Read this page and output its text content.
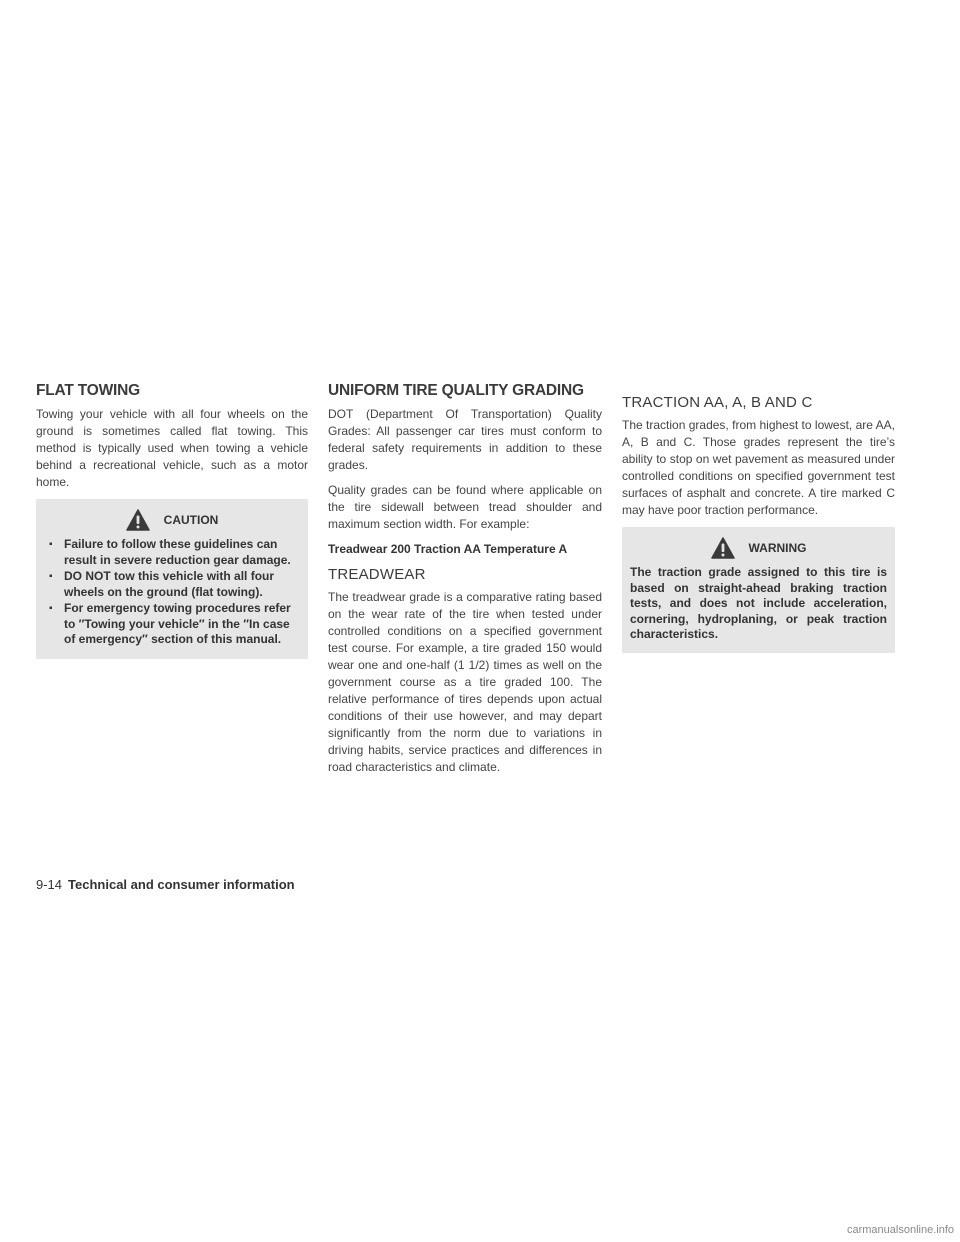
FLAT TOWING

Towing your vehicle with all four wheels on the ground is sometimes called flat towing. This method is typically used when towing a vehicle behind a recreational vehicle, such as a motor home.

CAUTION
▪ Failure to follow these guidelines can result in severe reduction gear damage.
▪ DO NOT tow this vehicle with all four wheels on the ground (flat towing).
▪ For emergency towing procedures refer to ″Towing your vehicle″ in the ″In case of emergency″ section of this manual.
UNIFORM TIRE QUALITY GRADING

DOT (Department Of Transportation) Quality Grades: All passenger car tires must conform to federal safety requirements in addition to these grades.

Quality grades can be found where applicable on the tire sidewall between tread shoulder and maximum section width. For example:

Treadwear 200 Traction AA Temperature A

TREADWEAR

The treadwear grade is a comparative rating based on the wear rate of the tire when tested under controlled conditions on a specified government test course. For example, a tire graded 150 would wear one and one-half (1 1/2) times as well on the government course as a tire graded 100. The relative performance of tires depends upon actual conditions of their use however, and may depart significantly from the norm due to variations in driving habits, service practices and differences in road characteristics and climate.

TRACTION AA, A, B AND C

The traction grades, from highest to lowest, are AA, A, B and C. Those grades represent the tire’s ability to stop on wet pavement as measured under controlled conditions on specified government test surfaces of asphalt and concrete. A tire marked C may have poor traction performance.

WARNING

The traction grade assigned to this tire is based on straight-ahead braking traction tests, and does not include acceleration, cornering, hydroplaning, or peak traction characteristics.

9-14 Technical and consumer information
carmanualsonline.info
